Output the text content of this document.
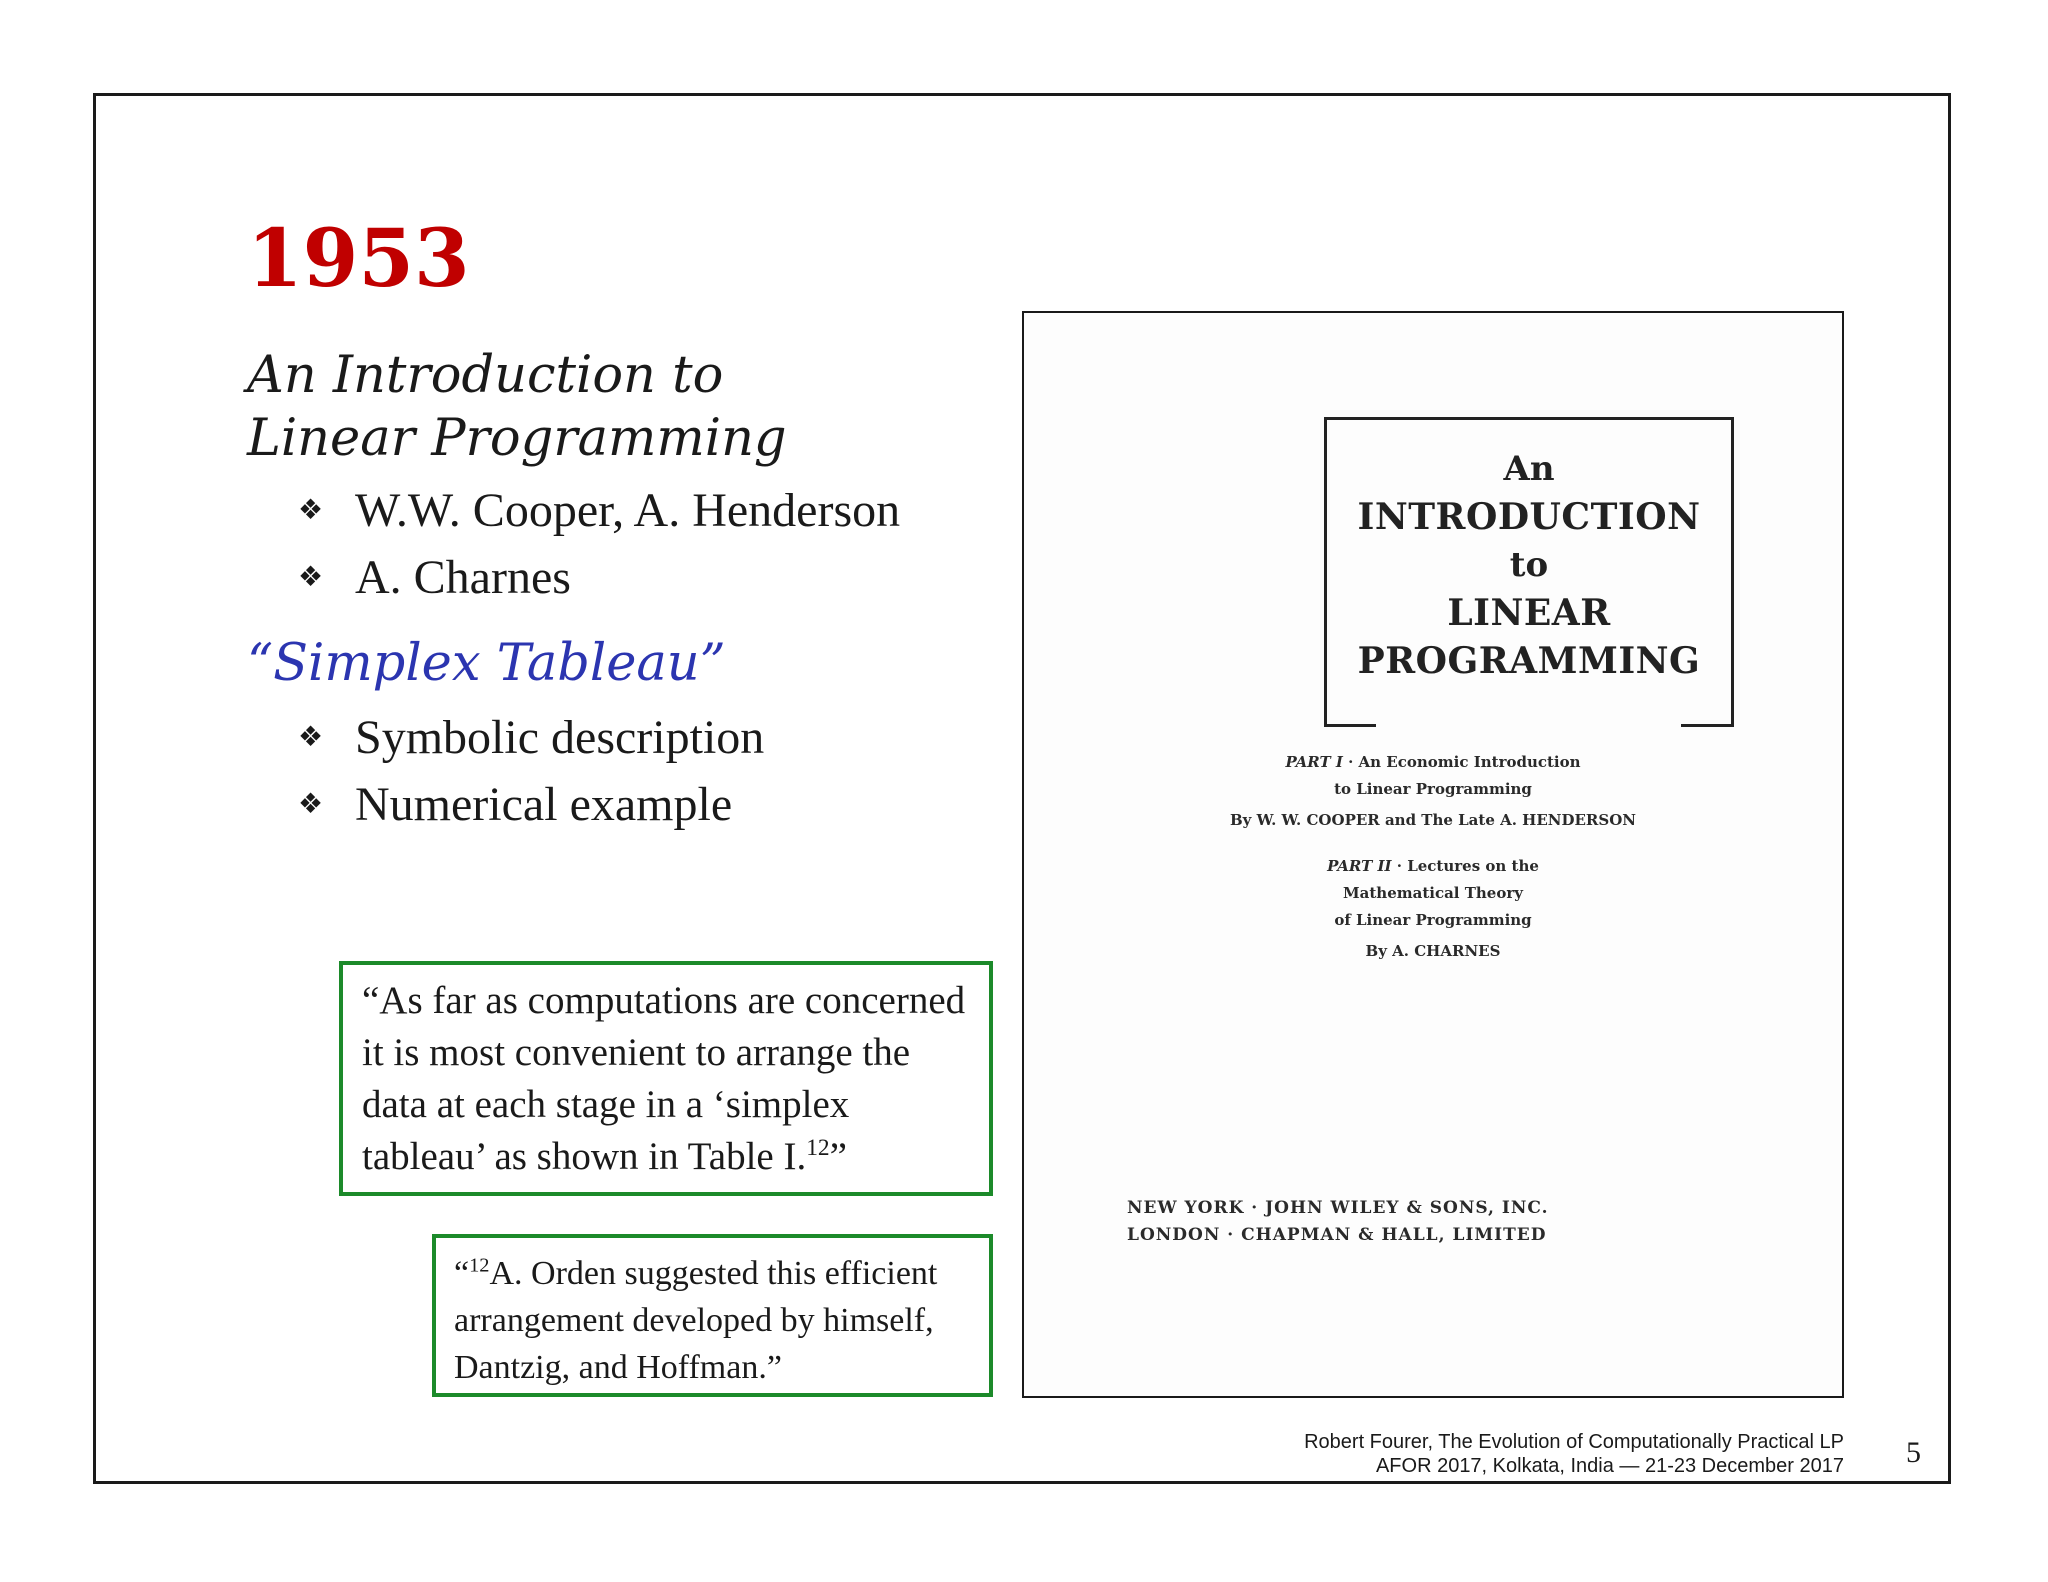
1953
An Introduction to
Linear Programming
❖ W.W. Cooper, A. Henderson
❖ A. Charnes
“Simplex Tableau”
❖ Symbolic description
❖ Numerical example
“As far as computations are concerned
it is most convenient to arrange the
data at each stage in a ‘simplex
tableau’ as shown in Table I.$^{12}$”
“$^{12}$A. Orden suggested this efficient
arrangement developed by himself,
Dantzig, and Hoffman.”
An
INTRODUCTION
to
LINEAR
PROGRAMMING
PART I · An Economic Introduction
to Linear Programming
By W. W. COOPER and The Late A. HENDERSON
PART II · Lectures on the
Mathematical Theory
of Linear Programming
By A. CHARNES
NEW YORK · JOHN WILEY & SONS, INC.
LONDON · CHAPMAN & HALL, LIMITED
Robert Fourer, The Evolution of Computationally Practical LP
AFOR 2017, Kolkata, India — 21-23 December 2017 5
